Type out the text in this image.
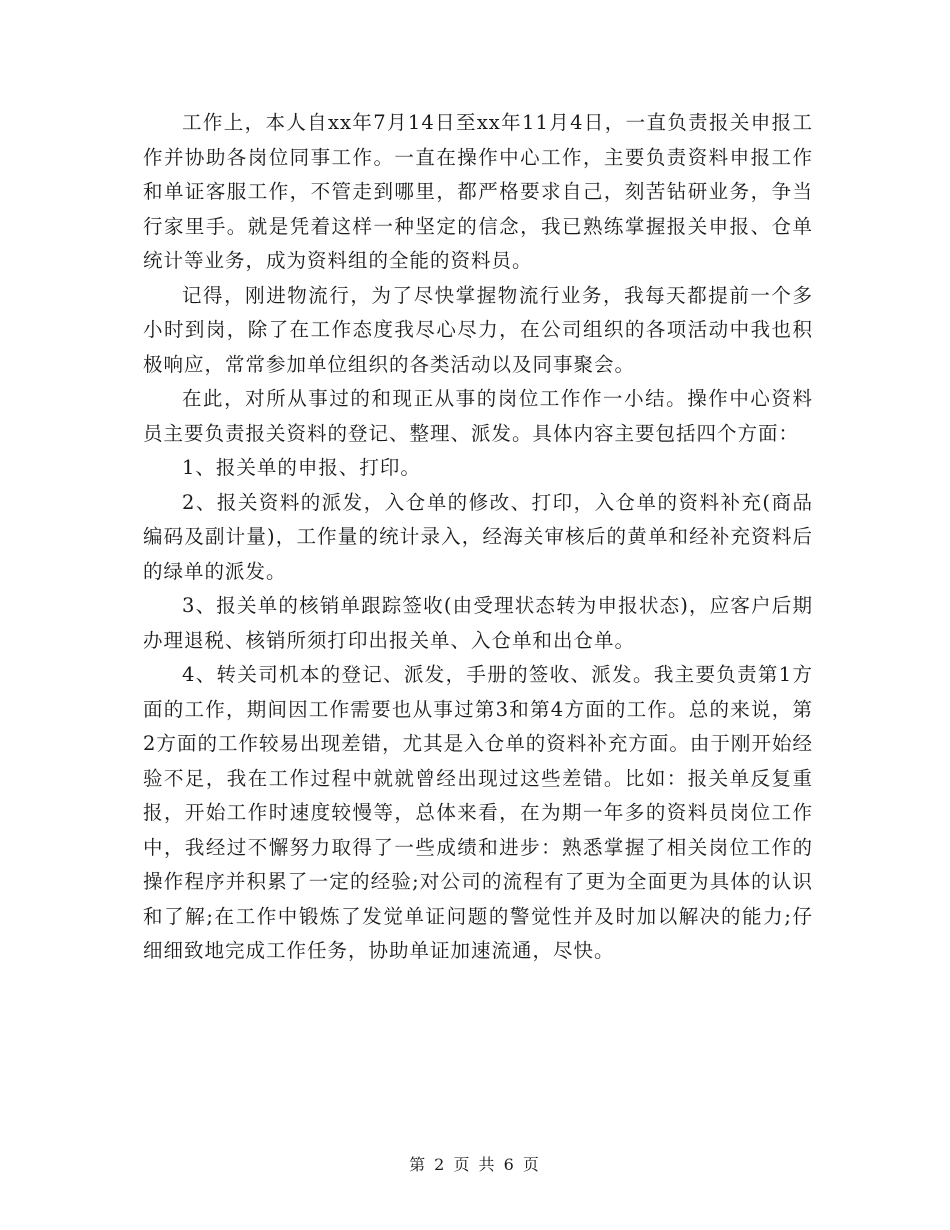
工作上，本人自xx年7月14日至xx年11月4日，一直负责报关申报工作并协助各岗位同事工作。一直在操作中心工作，主要负责资料申报工作和单证客服工作，不管走到哪里，都严格要求自己，刻苦钻研业务，争当行家里手。就是凭着这样一种坚定的信念，我已熟练掌握报关申报、仓单统计等业务，成为资料组的全能的资料员。

记得，刚进物流行，为了尽快掌握物流行业务，我每天都提前一个多小时到岗，除了在工作态度我尽心尽力，在公司组织的各项活动中我也积极响应，常常参加单位组织的各类活动以及同事聚会。

在此，对所从事过的和现正从事的岗位工作作一小结。操作中心资料员主要负责报关资料的登记、整理、派发。具体内容主要包括四个方面：

1、报关单的申报、打印。

2、报关资料的派发，入仓单的修改、打印，入仓单的资料补充(商品编码及副计量)，工作量的统计录入，经海关审核后的黄单和经补充资料后的绿单的派发。

3、报关单的核销单跟踪签收(由受理状态转为申报状态)，应客户后期办理退税、核销所须打印出报关单、入仓单和出仓单。

4、转关司机本的登记、派发，手册的签收、派发。我主要负责第1方面的工作，期间因工作需要也从事过第3和第4方面的工作。总的来说，第2方面的工作较易出现差错，尤其是入仓单的资料补充方面。由于刚开始经验不足，我在工作过程中就就曾经出现过这些差错。比如：报关单反复重报，开始工作时速度较慢等，总体来看，在为期一年多的资料员岗位工作中，我经过不懈努力取得了一些成绩和进步：熟悉掌握了相关岗位工作的操作程序并积累了一定的经验;对公司的流程有了更为全面更为具体的认识和了解;在工作中锻炼了发觉单证问题的警觉性并及时加以解决的能力;仔细细致地完成工作任务，协助单证加速流通，尽快。

第 2 页 共 6 页
